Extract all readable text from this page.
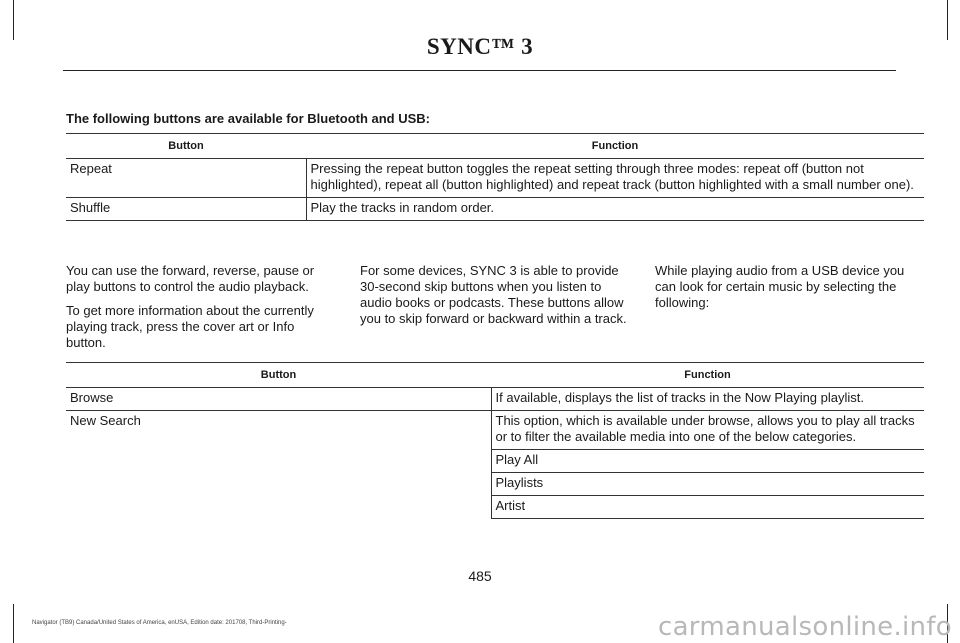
SYNC™ 3
The following buttons are available for Bluetooth and USB:
Button	Function
Repeat	Pressing the repeat button toggles the repeat setting through three modes: repeat off (button not highlighted), repeat all (button highlighted) and repeat track (button highlighted with a small number one).
Shuffle	Play the tracks in random order.

You can use the forward, reverse, pause or play buttons to control the audio playback.

To get more information about the currently playing track, press the cover art or Info button.

For some devices, SYNC 3 is able to provide 30-second skip buttons when you listen to audio books or podcasts. These buttons allow you to skip forward or backward within a track.

While playing audio from a USB device you can look for certain music by selecting the following:

Button	Function
Browse	If available, displays the list of tracks in the Now Playing playlist.
New Search	This option, which is available under browse, allows you to play all tracks or to filter the available media into one of the below categories.
	Play All
	Playlists
	Artist
485
Navigator (TB9) Canada/United States of America, enUSA, Edition date: 201708, Third-Printing-	carmanualsonline.info
